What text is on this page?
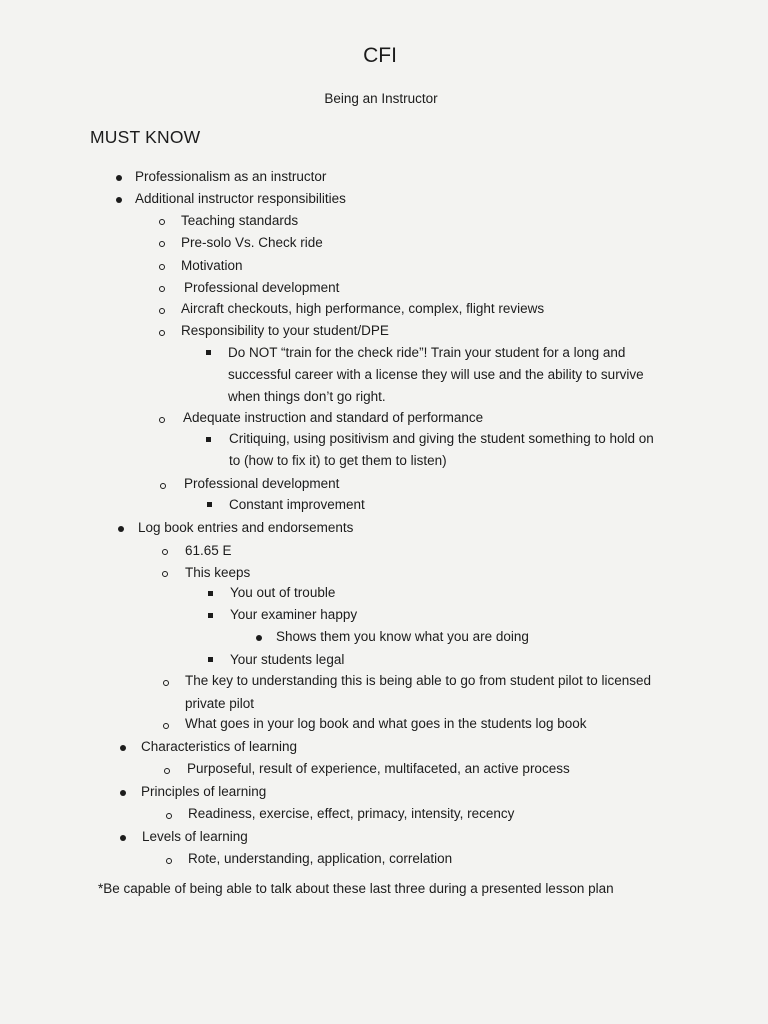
CFI
Being an Instructor
MUST KNOW
Professionalism as an instructor
Additional instructor responsibilities
Teaching standards
Pre-solo Vs. Check ride
Motivation
Professional development
Aircraft checkouts, high performance, complex, flight reviews
Responsibility to your student/DPE
Do NOT “train for the check ride”! Train your student for a long and
successful career with a license they will use and the ability to survive
when things don’t go right.
Adequate instruction and standard of performance
Critiquing, using positivism and giving the student something to hold on
to (how to fix it) to get them to listen)
Professional development
Constant improvement
Log book entries and endorsements
61.65 E
This keeps
You out of trouble
Your examiner happy
Shows them you know what you are doing
Your students legal
The key to understanding this is being able to go from student pilot to licensed
private pilot
What goes in your log book and what goes in the students log book
Characteristics of learning
Purposeful, result of experience, multifaceted, an active process
Principles of learning
Readiness, exercise, effect, primacy, intensity, recency
Levels of learning
Rote, understanding, application, correlation
*Be capable of being able to talk about these last three during a presented lesson plan
